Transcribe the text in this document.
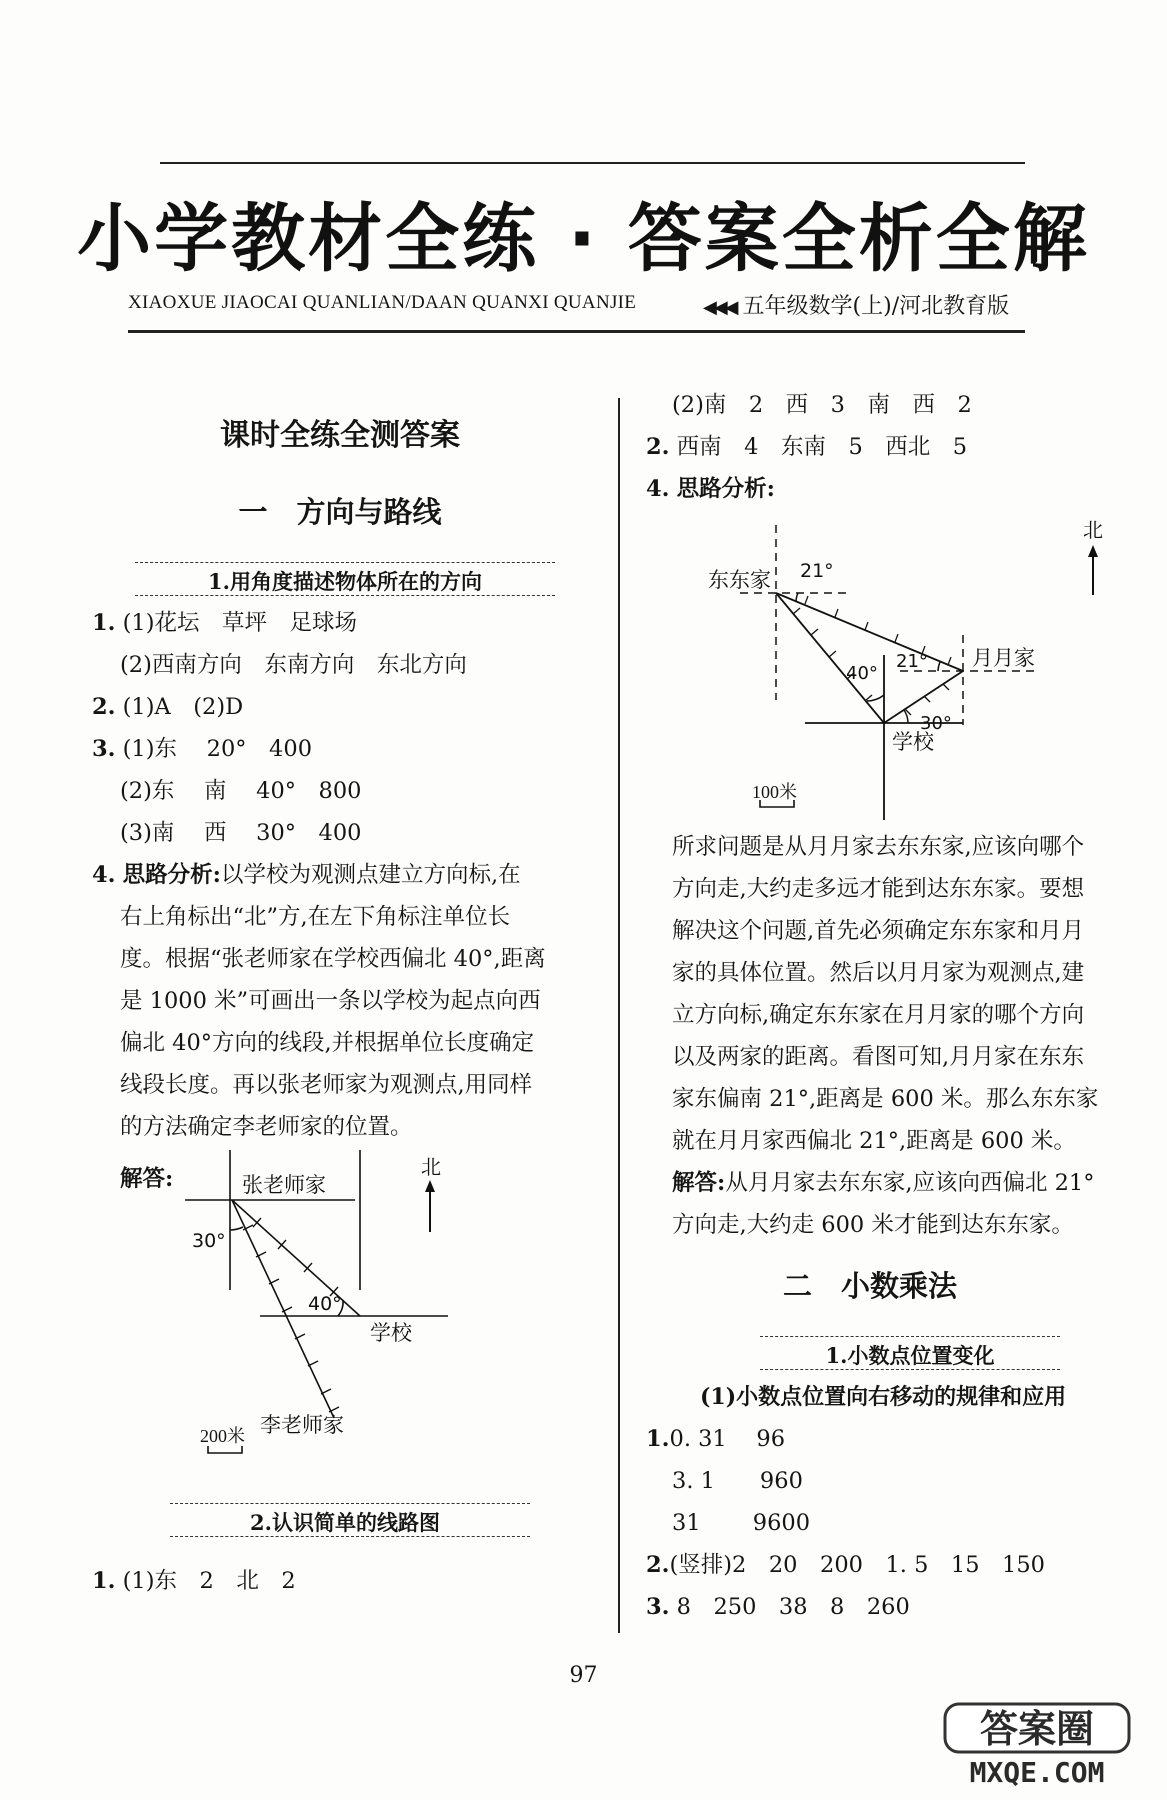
小学教材全练 · 答案全析全解
XIAOXUE JIAOCAI QUANLIAN/DAAN QUANXI QUANJIE	◀◀◀ 五年级数学(上)/河北教育版
课时全练全测答案
一　方向与路线
1.用角度描述物体所在的方向
1. (1)花坛　草坪　足球场
(2)西南方向　东南方向　东北方向
2. (1)A　(2)D
3. (1)东　 20°　400
(2)东　 南　 40°　800
(3)南　 西　 30°　400
4. 思路分析:以学校为观测点建立方向标,在
右上角标出“北”方,在左下角标注单位长
度。根据“张老师家在学校西偏北 40°,距离
是 1000 米”可画出一条以学校为起点向西
偏北 40°方向的线段,并根据单位长度确定
线段长度。再以张老师家为观测点,用同样
的方法确定李老师家的位置。
解答:	北
张老师家
学校
李老师家
30°
40°
200米
2.认识简单的线路图
1. (1)东　2　北　2
(2)南　2　西　3　南　西　2
2. 西南　4　东南　5　西北　5
4. 思路分析:
北
东东家
月月家
学校
21°
21°
40°
30°
100米
所求问题是从月月家去东东家,应该向哪个
方向走,大约走多远才能到达东东家。要想
解决这个问题,首先必须确定东东家和月月
家的具体位置。然后以月月家为观测点,建
立方向标,确定东东家在月月家的哪个方向
以及两家的距离。看图可知,月月家在东东
家东偏南 21°,距离是 600 米。那么东东家
就在月月家西偏北 21°,距离是 600 米。
解答:从月月家去东东家,应该向西偏北 21°
方向走,大约走 600 米才能到达东东家。
二　小数乘法
1.小数点位置变化
(1)小数点位置向右移动的规律和应用
1.0. 31　 96
3. 1　　960
31　　 9600
2.(竖排)2　20　200　1. 5　15　150
3. 8　250　38　8　260
97
答案圈
MXQE.COM
